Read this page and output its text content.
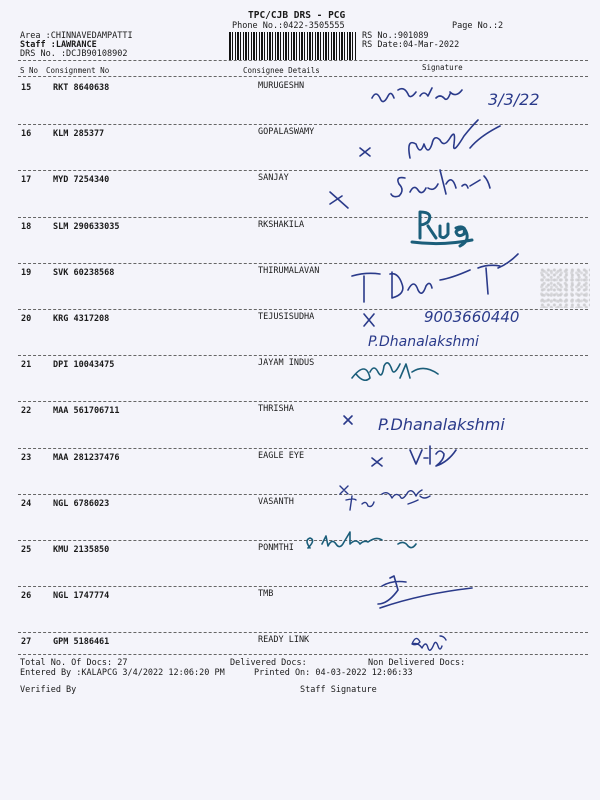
TPC/CJB DRS - PCG
Phone No.:0422-3505555
Area :CHINNAVEDAMPATTI
Staff :LAWRANCE
DRS No. :DCJB90108902
RS No.:901089
RS Date:04-Mar-2022
Page No.:2
S No Consignment No	Consignee Details	Signature
15	RKT 8640638	MURUGESHN
16	KLM 285377	GOPALASWAMY
17	MYD 7254340	SANJAY
18	SLM 290633035	RKSHAKILA
19	SVK 60238568	THIRUMALAVAN
20	KRG 4317208	TEJUSISUDHA
21	DPI 10043475	JAYAM INDUS
22	MAA 561706711	THRISHA
23	MAA 281237476	EAGLE EYE
24	NGL 6786023	VASANTH
25	KMU 2135850	PONMTHI
26	NGL 1747774	TMB
27	GPM 5186461	READY LINK
3/3/22
9003660440
P.Dhanalakshmi
P.Dhanalakshmi
Total No. Of Docs: 27	Delivered Docs:	Non Delivered Docs:
Entered By :KALAPCG 3/4/2022 12:06:20 PM	Printed On: 04-03-2022 12:06:33
Verified By	Staff Signature
